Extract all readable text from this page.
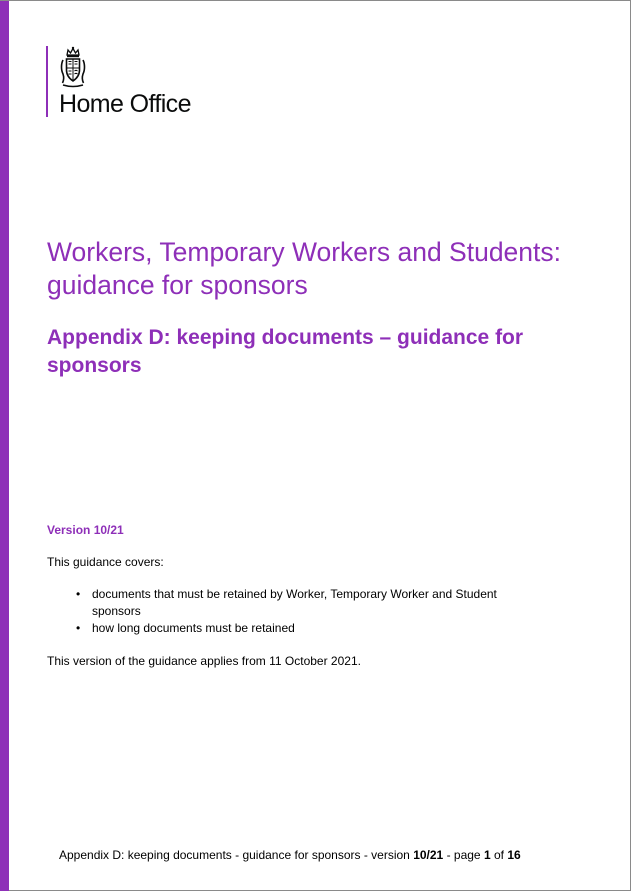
Home Office
Workers, Temporary Workers and Students: guidance for sponsors
Appendix D: keeping documents – guidance for sponsors
Version 10/21
This guidance covers:
• documents that must be retained by Worker, Temporary Worker and Student sponsors
• how long documents must be retained
This version of the guidance applies from 11 October 2021.
Appendix D: keeping documents - guidance for sponsors - version 10/21 - page 1 of 16
